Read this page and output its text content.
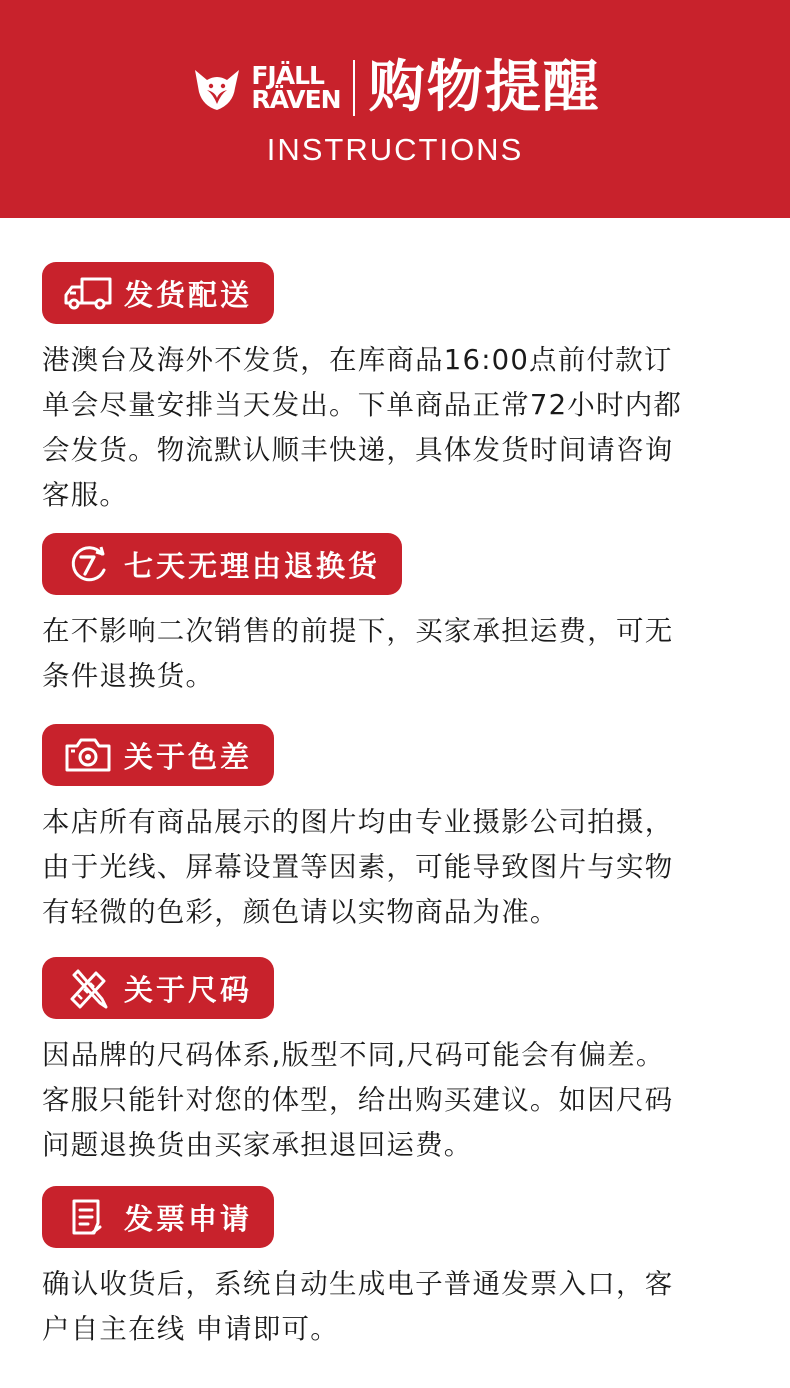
FJÄLL
RÄVEN 购物提醒
INSTRUCTIONS
发货配送
港澳台及海外不发货，在库商品16:00点前付款订
单会尽量安排当天发出。下单商品正常72小时内都
会发货。物流默认顺丰快递，具体发货时间请咨询
客服。
七天无理由退换货
在不影响二次销售的前提下，买家承担运费，可无
条件退换货。
关于色差
本店所有商品展示的图片均由专业摄影公司拍摄，
由于光线、屏幕设置等因素，可能导致图片与实物
有轻微的色彩，颜色请以实物商品为准。
关于尺码
因品牌的尺码体系,版型不同,尺码可能会有偏差。
客服只能针对您的体型，给出购买建议。如因尺码
问题退换货由买家承担退回运费。
发票申请
确认收货后，系统自动生成电子普通发票入口，客
户自主在线 申请即可。
